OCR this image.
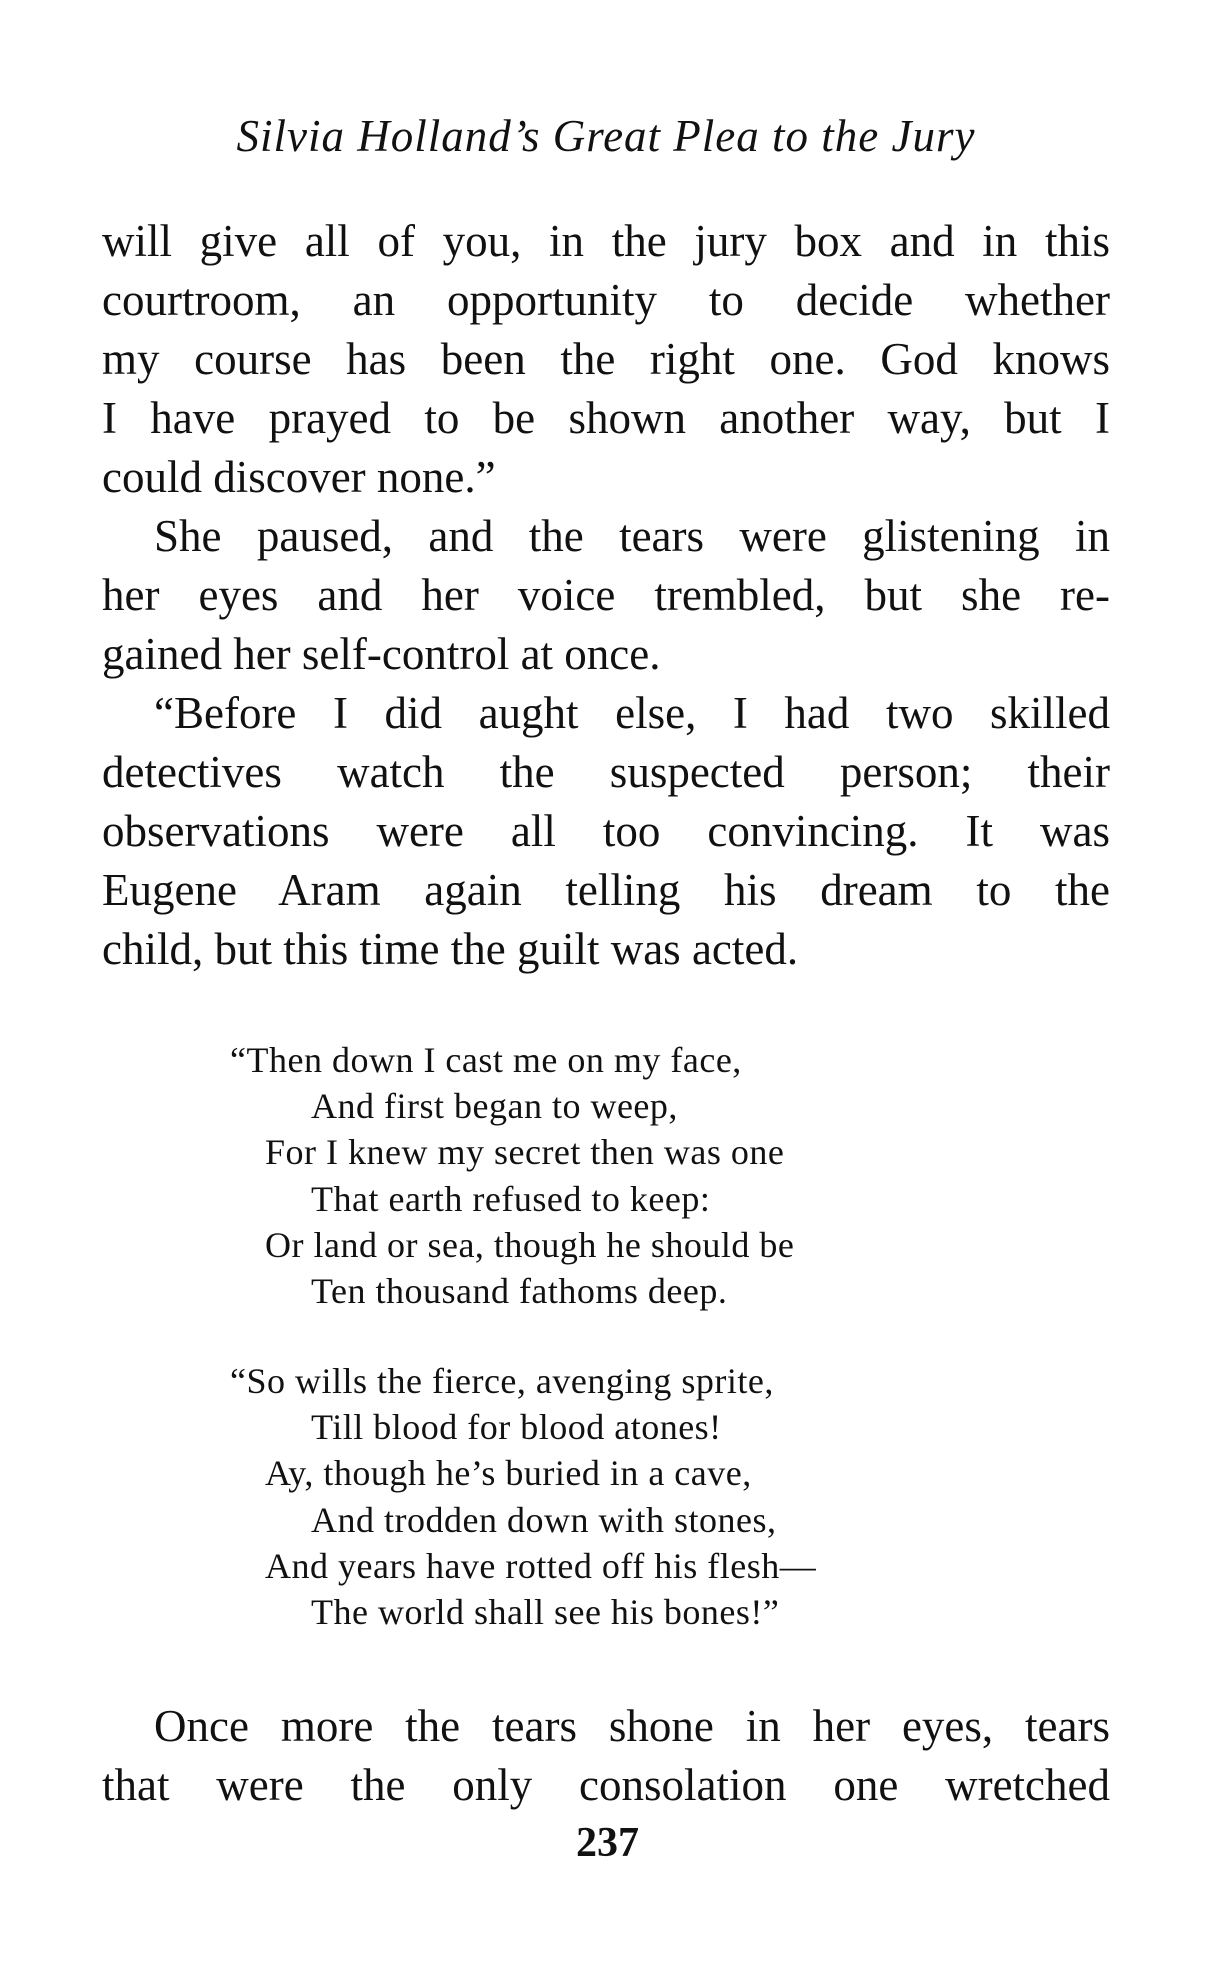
Silvia Holland’s Great Plea to the Jury
will give all of you, in the jury box and in this
courtroom, an opportunity to decide whether
my course has been the right one. God knows
I have prayed to be shown another way, but I
could discover none.”
She paused, and the tears were glistening in
her eyes and her voice trembled, but she re-
gained her self-control at once.
“Before I did aught else, I had two skilled
detectives watch the suspected person; their
observations were all too convincing. It was
Eugene Aram again telling his dream to the
child, but this time the guilt was acted.
“Then down I cast me on my face,
And first began to weep,
For I knew my secret then was one
That earth refused to keep:
Or land or sea, though he should be
Ten thousand fathoms deep.
“So wills the fierce, avenging sprite,
Till blood for blood atones!
Ay, though he’s buried in a cave,
And trodden down with stones,
And years have rotted off his flesh—
The world shall see his bones!”
Once more the tears shone in her eyes, tears
that were the only consolation one wretched
237
